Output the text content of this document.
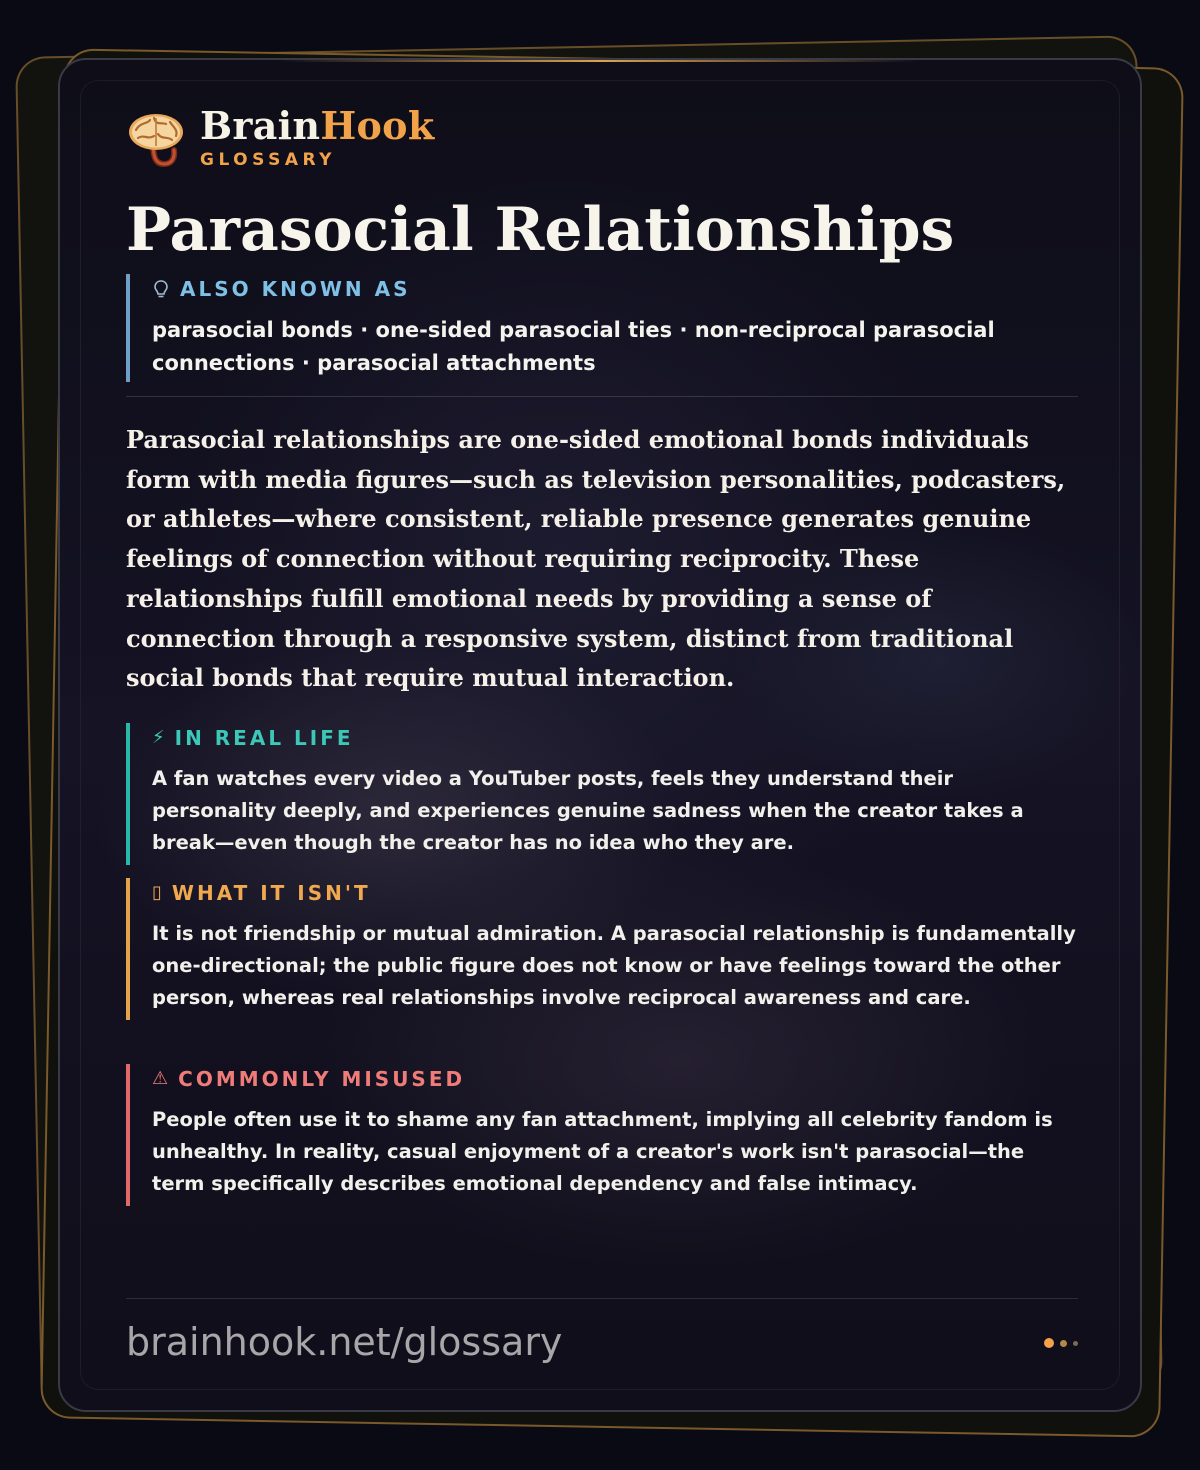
BrainHook
GLOSSARY
Parasocial Relationships
ALSO KNOWN AS
parasocial bonds · one-sided parasocial ties · non-reciprocal parasocial connections · parasocial attachments

Parasocial relationships are one-sided emotional bonds individuals form with media figures—such as television personalities, podcasters, or athletes—where consistent, reliable presence generates genuine feelings of connection without requiring reciprocity. These relationships fulfill emotional needs by providing a sense of connection through a responsive system, distinct from traditional social bonds that require mutual interaction.

⚡ IN REAL LIFE
A fan watches every video a YouTuber posts, feels they understand their personality deeply, and experiences genuine sadness when the creator takes a break—even though the creator has no idea who they are.
▯ WHAT IT ISN'T
It is not friendship or mutual admiration. A parasocial relationship is fundamentally one-directional; the public figure does not know or have feelings toward the other person, whereas real relationships involve reciprocal awareness and care.
⚠ COMMONLY MISUSED
People often use it to shame any fan attachment, implying all celebrity fandom is unhealthy. In reality, casual enjoyment of a creator's work isn't parasocial—the term specifically describes emotional dependency and false intimacy.
brainhook.net/glossary
